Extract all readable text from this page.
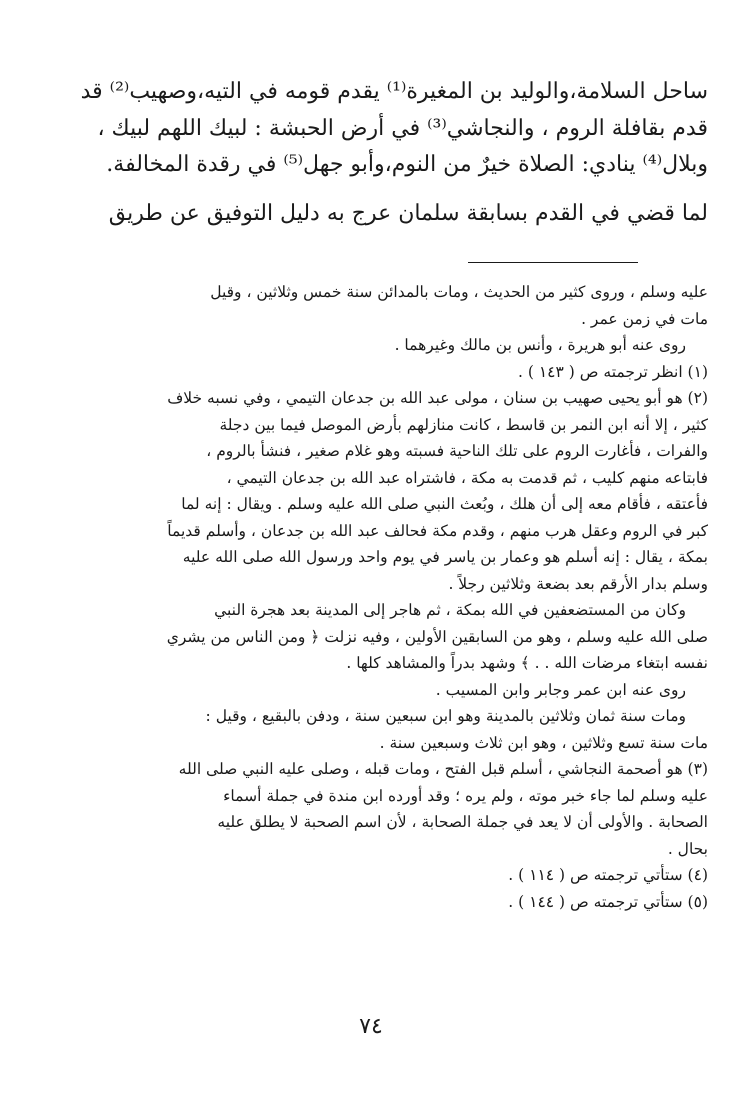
ساحل السلامة،والوليد بن المغيرة⁽¹⁾ يقدم قومه في التيه،وصهيب⁽²⁾ قد
قدم بقافلة الروم ، والنجاشي⁽³⁾ في أرض الحبشة : لبيك اللهم لبيك ،
وبلال⁽⁴⁾ ينادي: الصلاة خيرٌ من النوم،وأبو جهل⁽⁵⁾ في رقدة المخالفة.
لما قضي في القدم بسابقة سلمان عرج به دليل التوفيق عن طريق
عليه وسلم ، وروى كثير من الحديث ، ومات بالمدائن سنة خمس وثلاثين ، وقيل
مات في زمن عمر .
روى عنه أبو هريرة ، وأنس بن مالك وغيرهما .
(١) انظر ترجمته ص ( ١٤٣ ) .
(٢) هو أبو يحيى صهيب بن سنان ، مولى عبد الله بن جدعان التيمي ، وفي نسبه خلاف
كثير ، إلا أنه ابن النمر بن قاسط ، كانت منازلهم بأرض الموصل فيما بين دجلة
والفرات ، فأغارت الروم على تلك الناحية فسبته وهو غلام صغير ، فنشأ بالروم ،
فابتاعه منهم كليب ، ثم قدمت به مكة ، فاشتراه عبد الله بن جدعان التيمي ،
فأعتقه ، فأقام معه إلى أن هلك ، وبُعث النبي صلى الله عليه وسلم . ويقال : إنه لما
كبر في الروم وعقل هرب منهم ، وقدم مكة فحالف عبد الله بن جدعان ، وأسلم قديماً
بمكة ، يقال : إنه أسلم هو وعمار بن ياسر في يوم واحد ورسول الله صلى الله عليه
وسلم بدار الأرقم بعد بضعة وثلاثين رجلاً .
وكان من المستضعفين في الله بمكة ، ثم هاجر إلى المدينة بعد هجرة النبي
صلى الله عليه وسلم ، وهو من السابقين الأولين ، وفيه نزلت ﴿ ومن الناس من يشري
نفسه ابتغاء مرضات الله . . ﴾ وشهد بدراً والمشاهد كلها .
روى عنه ابن عمر وجابر وابن المسيب .
ومات سنة ثمان وثلاثين بالمدينة وهو ابن سبعين سنة ، ودفن بالبقيع ، وقيل :
مات سنة تسع وثلاثين ، وهو ابن ثلاث وسبعين سنة .
(٣) هو أصحمة النجاشي ، أسلم قبل الفتح ، ومات قبله ، وصلى عليه النبي صلى الله
عليه وسلم لما جاء خبر موته ، ولم يره ؛ وقد أورده ابن مندة في جملة أسماء
الصحابة . والأولى أن لا يعد في جملة الصحابة ، لأن اسم الصحبة لا يطلق عليه
بحال .
(٤) ستأتي ترجمته ص ( ١١٤ ) .
(٥) ستأتي ترجمته ص ( ١٤٤ ) .
٧٤
